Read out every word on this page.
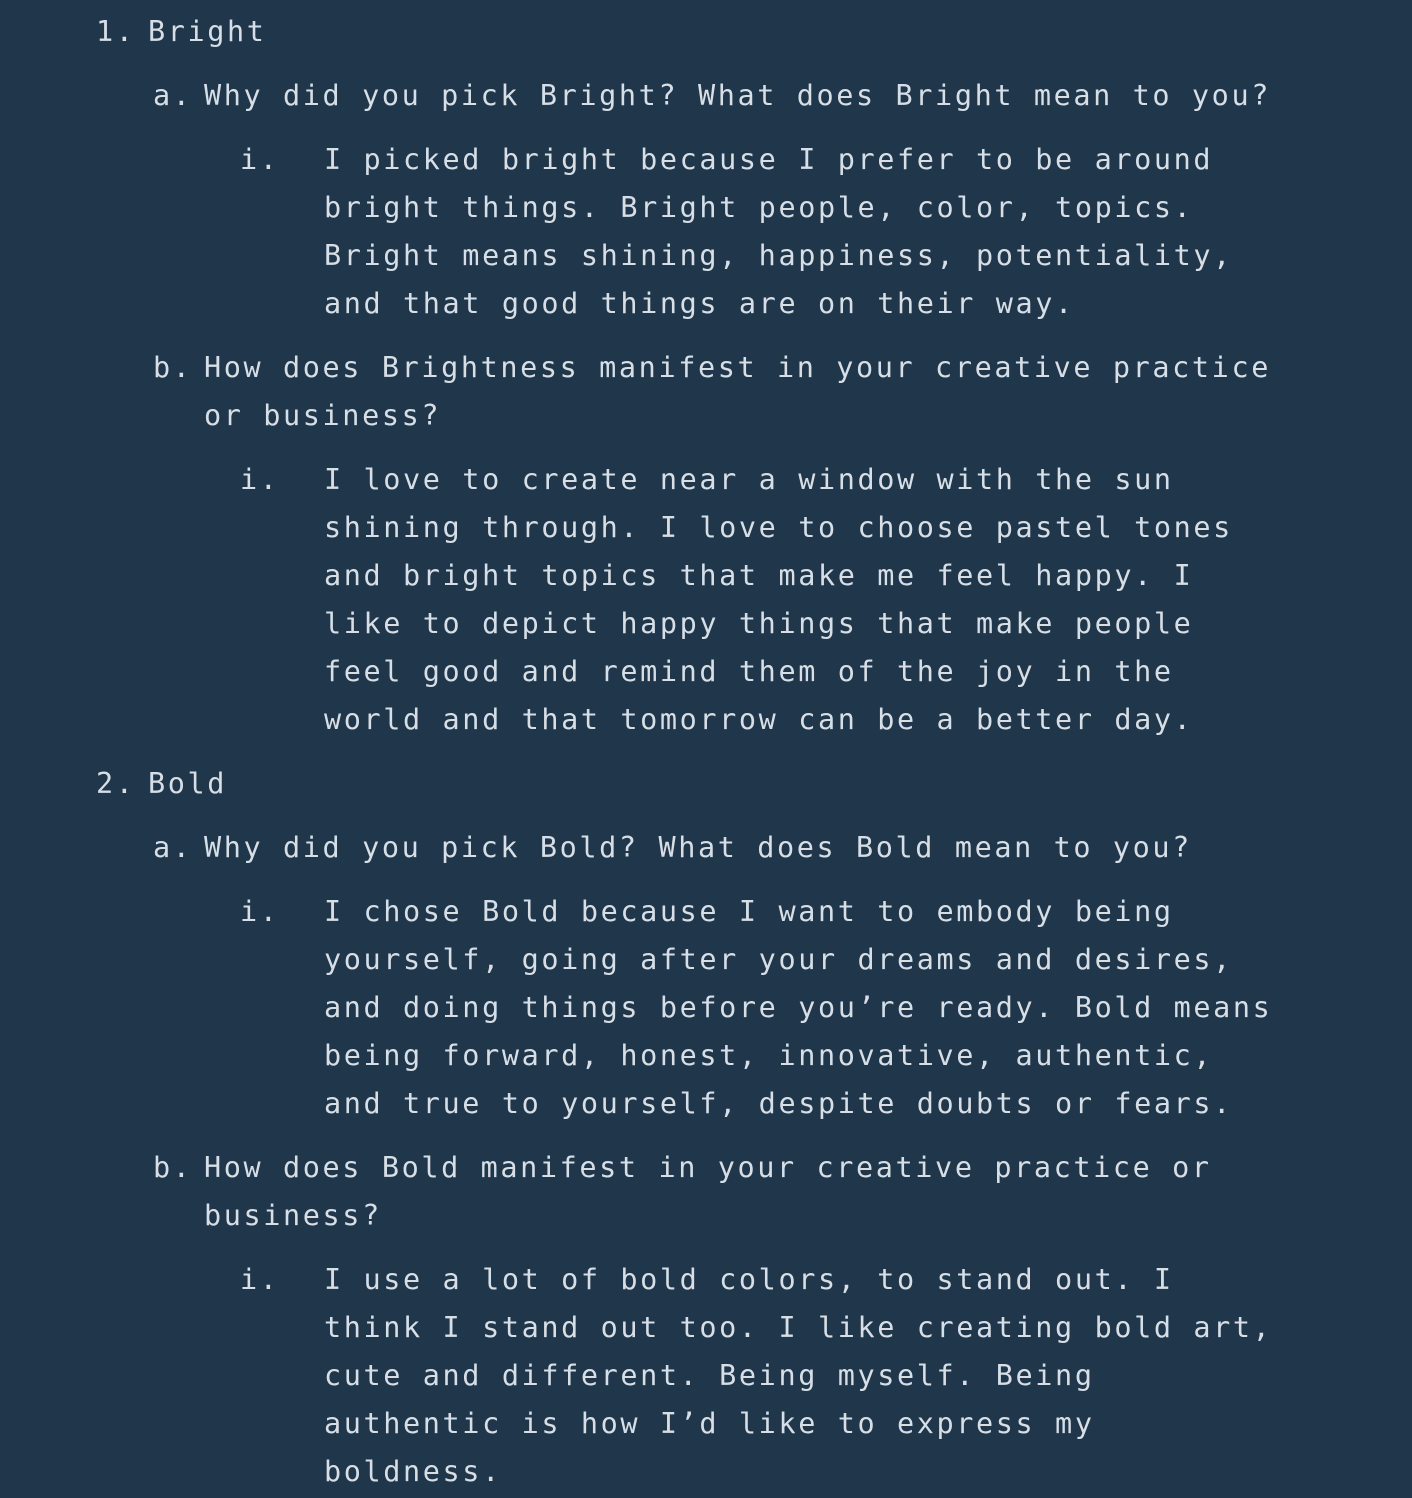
1. Bright
a. Why did you pick Bright? What does Bright mean to you?
i. I picked bright because I prefer to be around
bright things. Bright people, color, topics.
Bright means shining, happiness, potentiality,
and that good things are on their way.
b. How does Brightness manifest in your creative practice
or business?
i. I love to create near a window with the sun
shining through. I love to choose pastel tones
and bright topics that make me feel happy. I
like to depict happy things that make people
feel good and remind them of the joy in the
world and that tomorrow can be a better day.
2. Bold
a. Why did you pick Bold? What does Bold mean to you?
i. I chose Bold because I want to embody being
yourself, going after your dreams and desires,
and doing things before you’re ready. Bold means
being forward, honest, innovative, authentic,
and true to yourself, despite doubts or fears.
b. How does Bold manifest in your creative practice or
business?
i. I use a lot of bold colors, to stand out. I
think I stand out too. I like creating bold art,
cute and different. Being myself. Being
authentic is how I’d like to express my
boldness.
